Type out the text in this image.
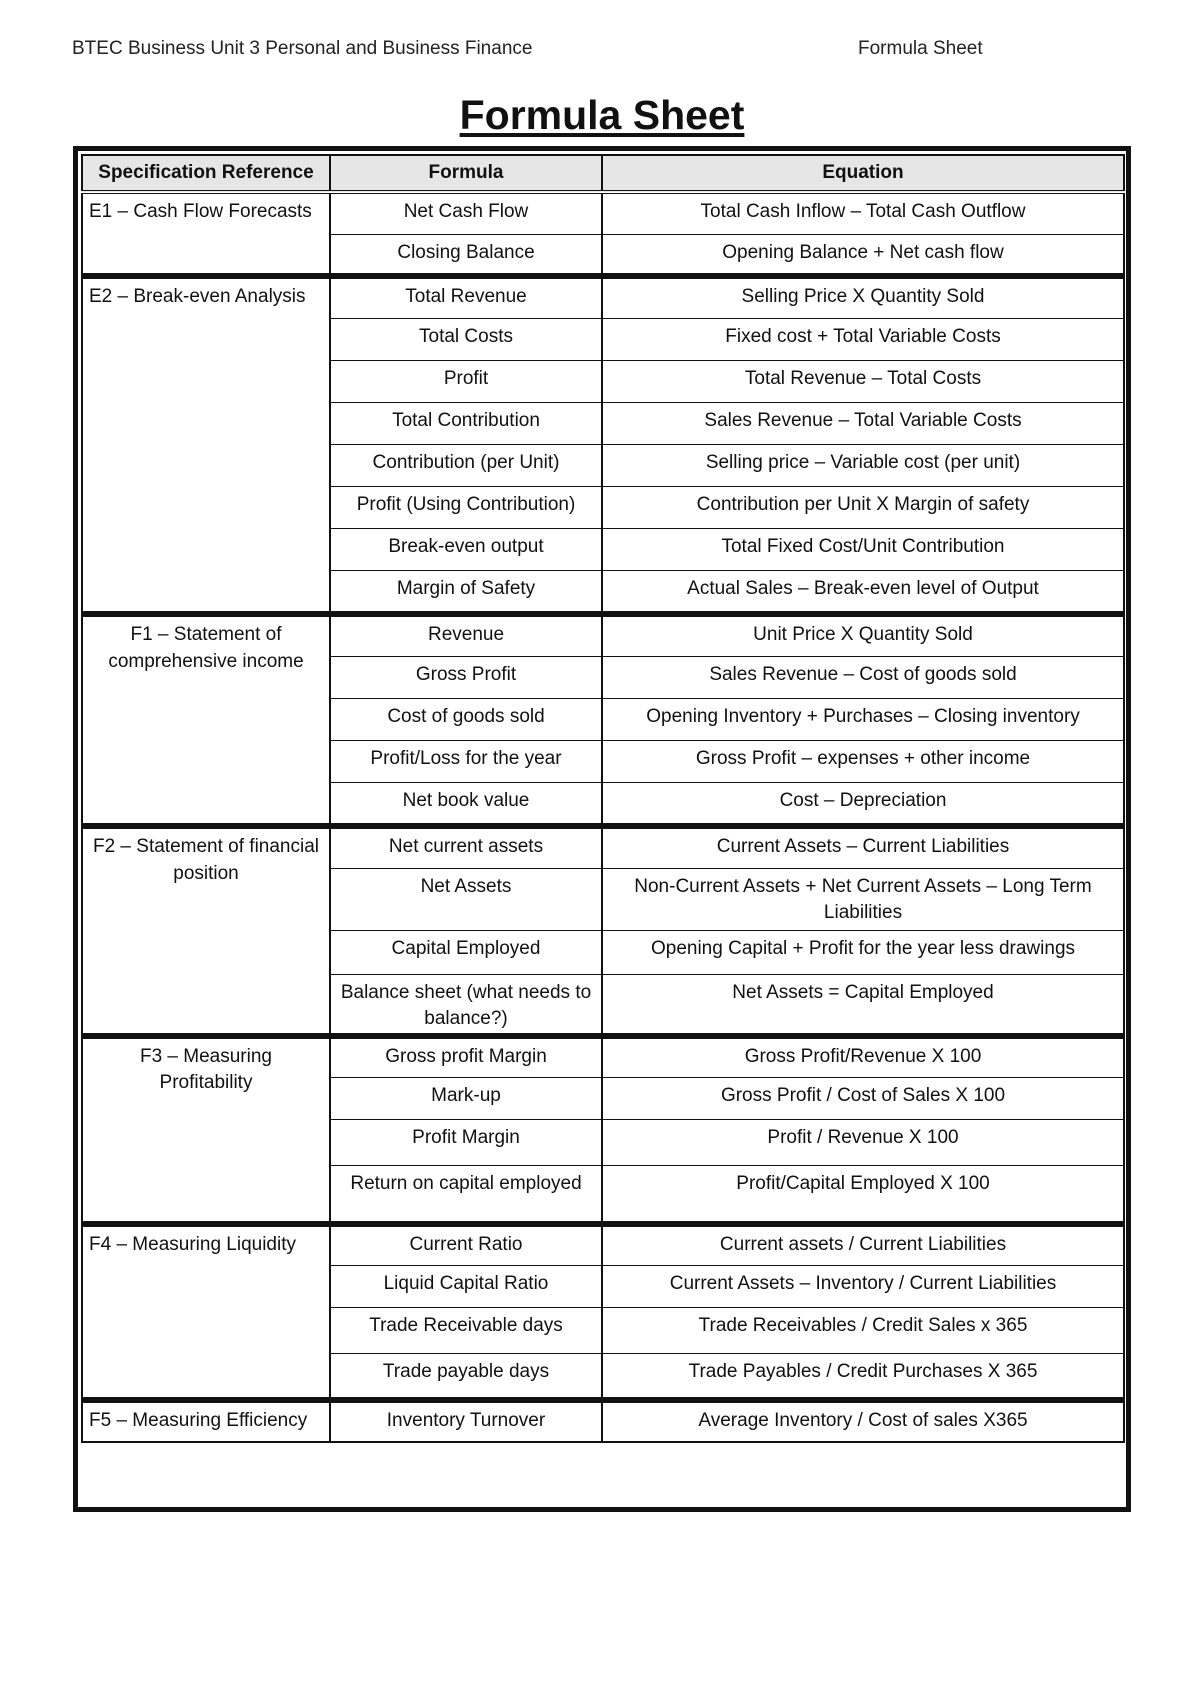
BTEC Business Unit 3 Personal and Business Finance	Formula Sheet
Formula Sheet
Specification Reference	Formula	Equation
E1 – Cash Flow Forecasts	Net Cash Flow	Total Cash Inflow – Total Cash Outflow
	Closing Balance	Opening Balance + Net cash flow
E2 – Break-even Analysis	Total Revenue	Selling Price X Quantity Sold
	Total Costs	Fixed cost + Total Variable Costs
	Profit	Total Revenue – Total Costs
	Total Contribution	Sales Revenue – Total Variable Costs
	Contribution (per Unit)	Selling price – Variable cost (per unit)
	Profit (Using Contribution)	Contribution per Unit X Margin of safety
	Break-even output	Total Fixed Cost/Unit Contribution
	Margin of Safety	Actual Sales – Break-even level of Output
F1 – Statement of comprehensive income	Revenue	Unit Price X Quantity Sold
	Gross Profit	Sales Revenue – Cost of goods sold
	Cost of goods sold	Opening Inventory + Purchases – Closing inventory
	Profit/Loss for the year	Gross Profit – expenses + other income
	Net book value	Cost – Depreciation
F2 – Statement of financial position	Net current assets	Current Assets – Current Liabilities
	Net Assets	Non-Current Assets + Net Current Assets – Long Term Liabilities
	Capital Employed	Opening Capital + Profit for the year less drawings
	Balance sheet (what needs to balance?)	Net Assets = Capital Employed
F3 – Measuring Profitability	Gross profit Margin	Gross Profit/Revenue X 100
	Mark-up	Gross Profit / Cost of Sales X 100
	Profit Margin	Profit / Revenue X 100
	Return on capital employed	Profit/Capital Employed X 100
F4 – Measuring Liquidity	Current Ratio	Current assets / Current Liabilities
	Liquid Capital Ratio	Current Assets – Inventory / Current Liabilities
	Trade Receivable days	Trade Receivables / Credit Sales x 365
	Trade payable days	Trade Payables / Credit Purchases X 365
F5 – Measuring Efficiency	Inventory Turnover	Average Inventory / Cost of sales X365
